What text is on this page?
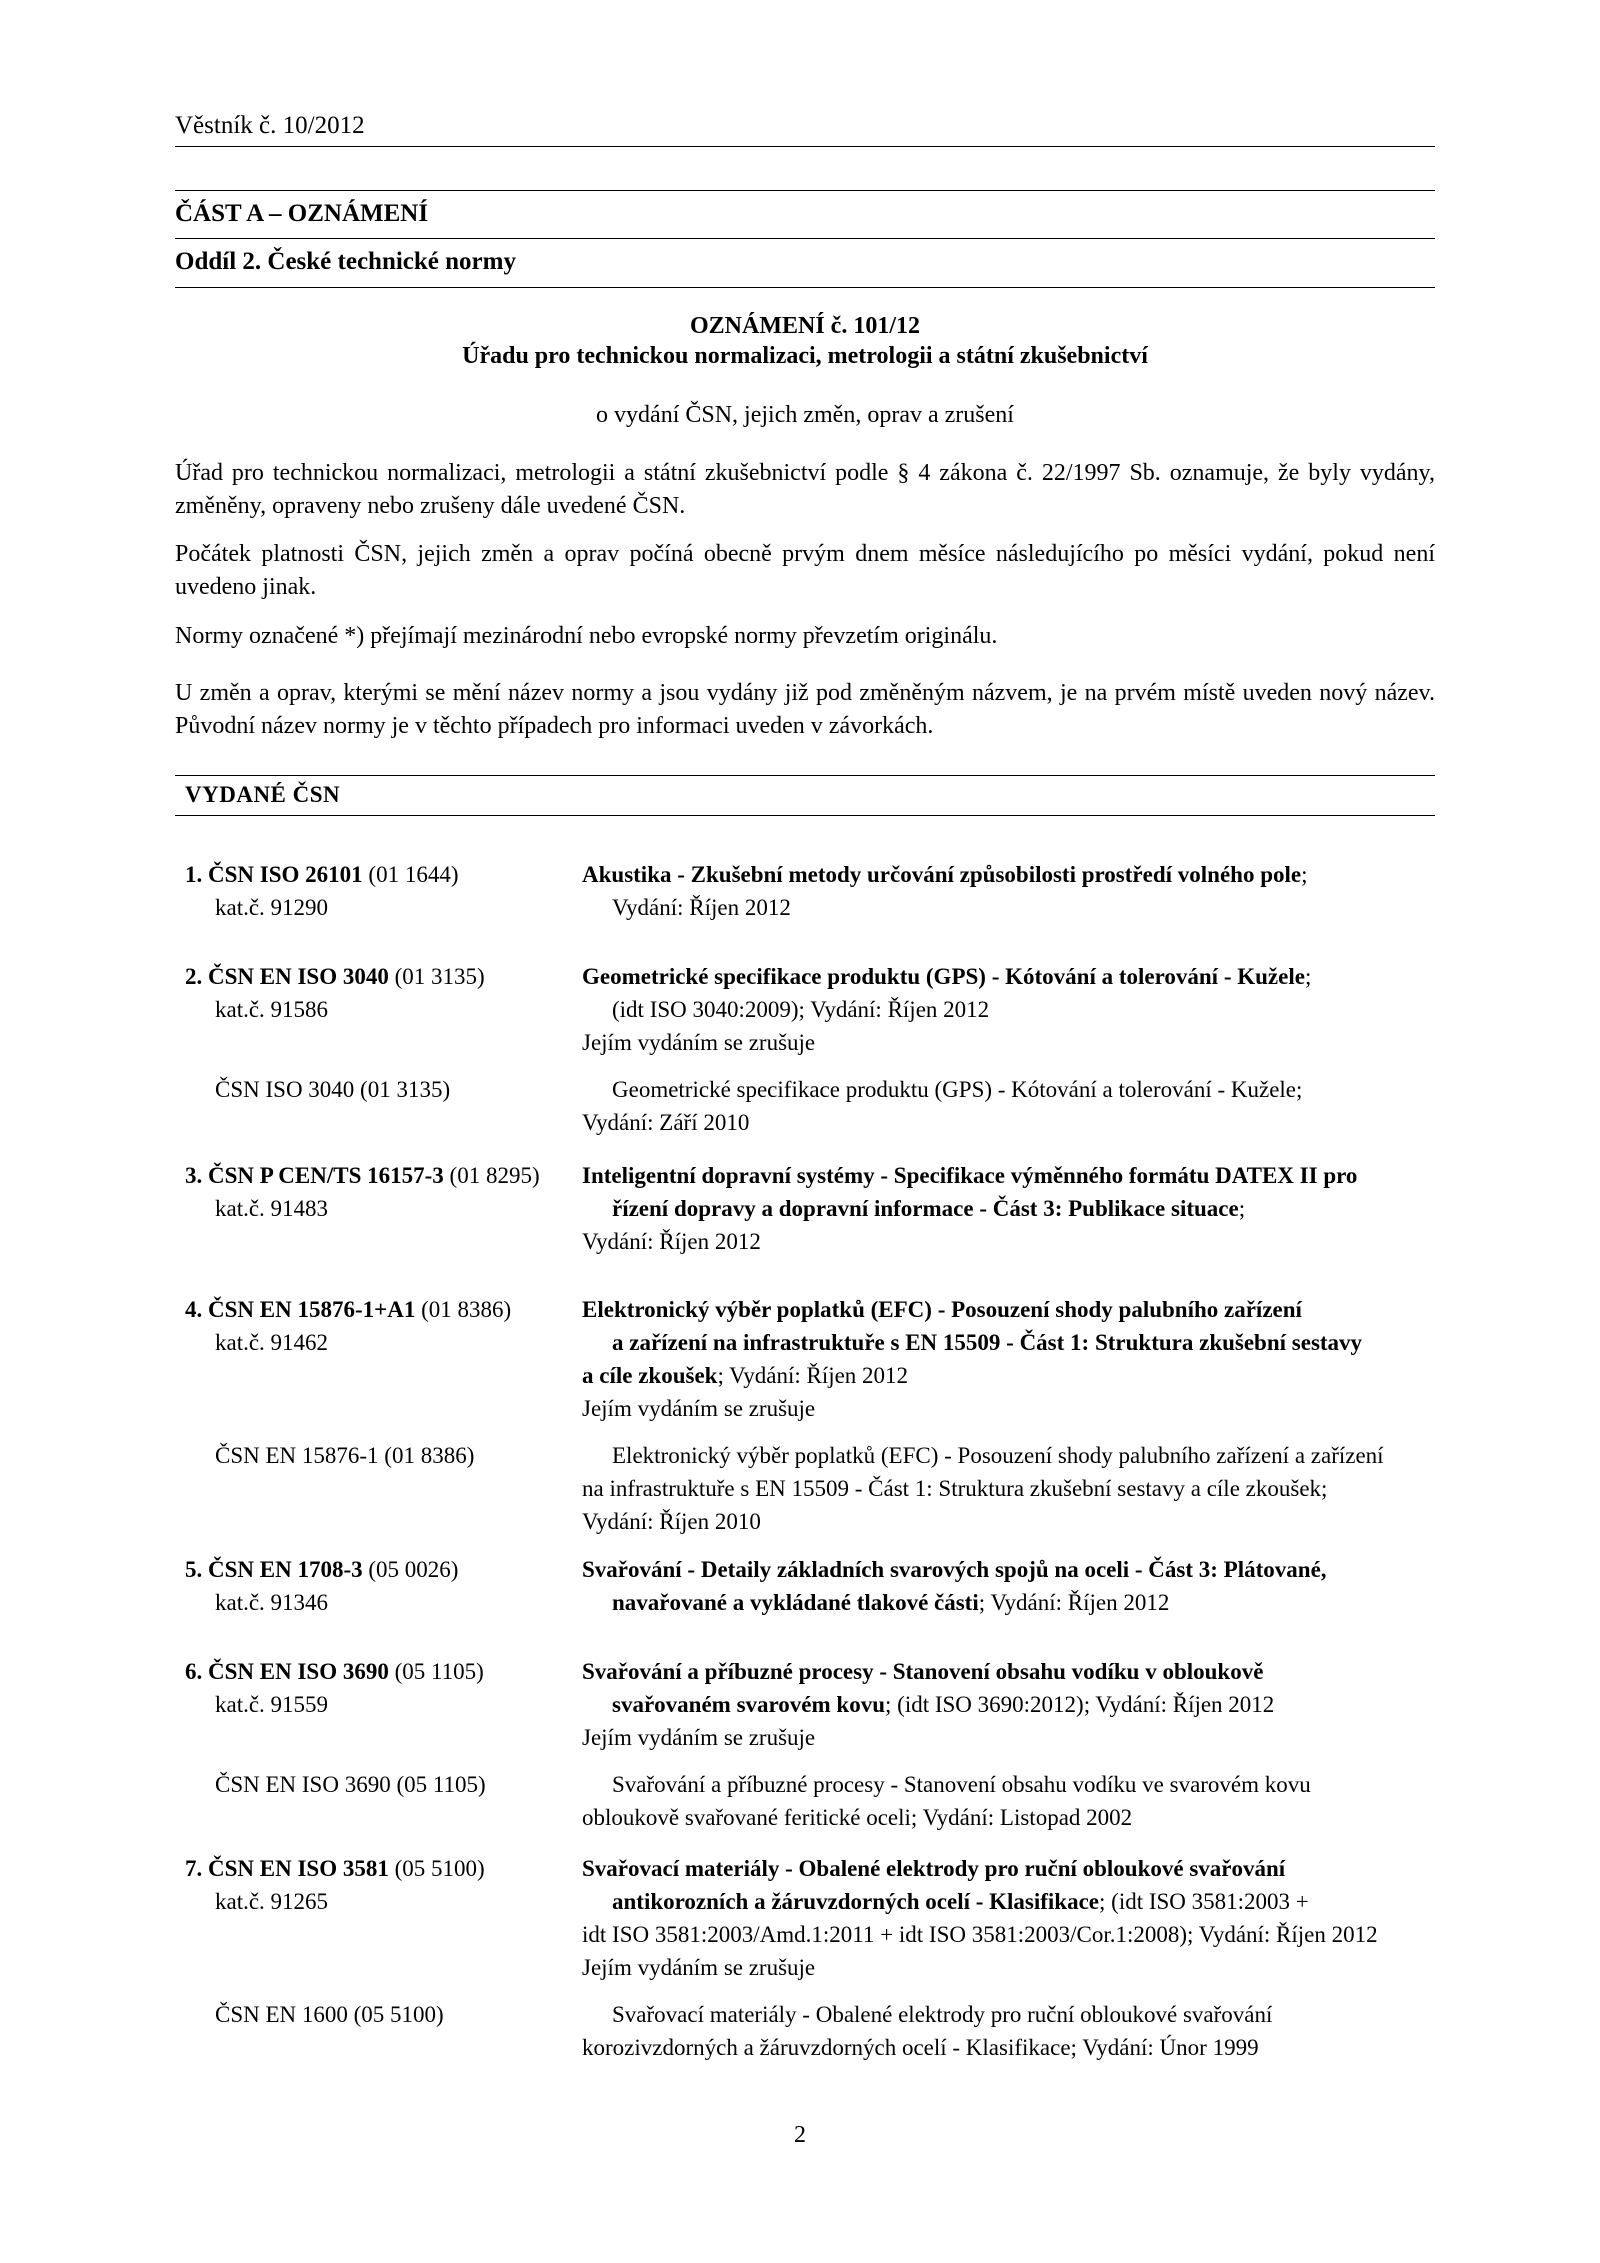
Věstník č. 10/2012
ČÁST A – OZNÁMENÍ
Oddíl 2. České technické normy
OZNÁMENÍ č. 101/12
Úřadu pro technickou normalizaci, metrologii a státní zkušebnictví
o vydání ČSN, jejich změn, oprav a zrušení
Úřad pro technickou normalizaci, metrologii a státní zkušebnictví podle § 4 zákona č. 22/1997 Sb. oznamuje, že byly vydány, změněny, opraveny nebo zrušeny dále uvedené ČSN.
Počátek platnosti ČSN, jejich změn a oprav počíná obecně prvým dnem měsíce následujícího po měsíci vydání, pokud není uvedeno jinak.
Normy označené *) přejímají mezinárodní nebo evropské normy převzetím originálu.
U změn a oprav, kterými se mění název normy a jsou vydány již pod změněným názvem, je na prvém místě uveden nový název. Původní název normy je v těchto případech pro informaci uveden v závorkách.
VYDANÉ ČSN
1. ČSN ISO 26101 (01 1644)	Akustika - Zkušební metody určování způsobilosti prostředí volného pole;
kat.č. 91290	Vydání: Říjen 2012
2. ČSN EN ISO 3040 (01 3135)	Geometrické specifikace produktu (GPS) - Kótování a tolerování - Kužele;
kat.č. 91586	(idt ISO 3040:2009); Vydání: Říjen 2012
Jejím vydáním se zrušuje
ČSN ISO 3040 (01 3135)	Geometrické specifikace produktu (GPS) - Kótování a tolerování - Kužele;
Vydání: Září 2010
3. ČSN P CEN/TS 16157-3 (01 8295)	Inteligentní dopravní systémy - Specifikace výměnného formátu DATEX II pro
kat.č. 91483	řízení dopravy a dopravní informace - Část 3: Publikace situace;
Vydání: Říjen 2012
4. ČSN EN 15876-1+A1 (01 8386)	Elektronický výběr poplatků (EFC) - Posouzení shody palubního zařízení
kat.č. 91462	a zařízení na infrastruktuře s EN 15509 - Část 1: Struktura zkušební sestavy
a cíle zkoušek; Vydání: Říjen 2012
Jejím vydáním se zrušuje
ČSN EN 15876-1 (01 8386)	Elektronický výběr poplatků (EFC) - Posouzení shody palubního zařízení a zařízení
na infrastruktuře s EN 15509 - Část 1: Struktura zkušební sestavy a cíle zkoušek;
Vydání: Říjen 2010
5. ČSN EN 1708-3 (05 0026)	Svařování - Detaily základních svarových spojů na oceli - Část 3: Plátované,
kat.č. 91346	navařované a vykládané tlakové části; Vydání: Říjen 2012
6. ČSN EN ISO 3690 (05 1105)	Svařování a příbuzné procesy - Stanovení obsahu vodíku v obloukově
kat.č. 91559	svařovaném svarovém kovu; (idt ISO 3690:2012); Vydání: Říjen 2012
Jejím vydáním se zrušuje
ČSN EN ISO 3690 (05 1105)	Svařování a příbuzné procesy - Stanovení obsahu vodíku ve svarovém kovu
obloukově svařované feritické oceli; Vydání: Listopad 2002
7. ČSN EN ISO 3581 (05 5100)	Svařovací materiály - Obalené elektrody pro ruční obloukové svařování
kat.č. 91265	antikorozních a žáruvzdorných ocelí - Klasifikace; (idt ISO 3581:2003 +
idt ISO 3581:2003/Amd.1:2011 + idt ISO 3581:2003/Cor.1:2008); Vydání: Říjen 2012
Jejím vydáním se zrušuje
ČSN EN 1600 (05 5100)	Svařovací materiály - Obalené elektrody pro ruční obloukové svařování
korozivzdorných a žáruvzdorných ocelí - Klasifikace; Vydání: Únor 1999
2
